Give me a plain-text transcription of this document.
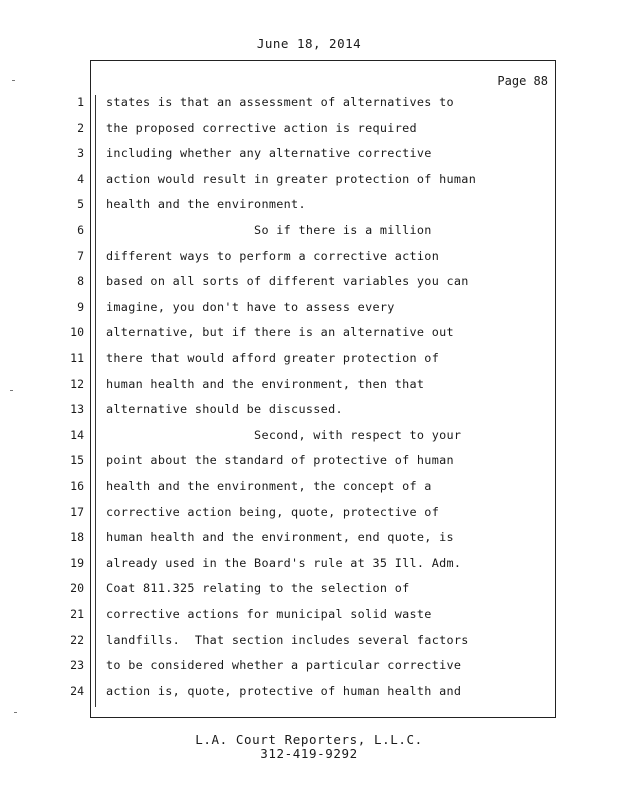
June 18, 2014
Page 88
1 states is that an assessment of alternatives to
2 the proposed corrective action is required
3 including whether any alternative corrective
4 action would result in greater protection of human
5 health and the environment.
6 So if there is a million
7 different ways to perform a corrective action
8 based on all sorts of different variables you can
9 imagine, you don't have to assess every
10 alternative, but if there is an alternative out
11 there that would afford greater protection of
12 human health and the environment, then that
13 alternative should be discussed.
14 Second, with respect to your
15 point about the standard of protective of human
16 health and the environment, the concept of a
17 corrective action being, quote, protective of
18 human health and the environment, end quote, is
19 already used in the Board's rule at 35 Ill. Adm.
20 Coat 811.325 relating to the selection of
21 corrective actions for municipal solid waste
22 landfills.  That section includes several factors
23 to be considered whether a particular corrective
24 action is, quote, protective of human health and
L.A. Court Reporters, L.L.C.
312-419-9292
